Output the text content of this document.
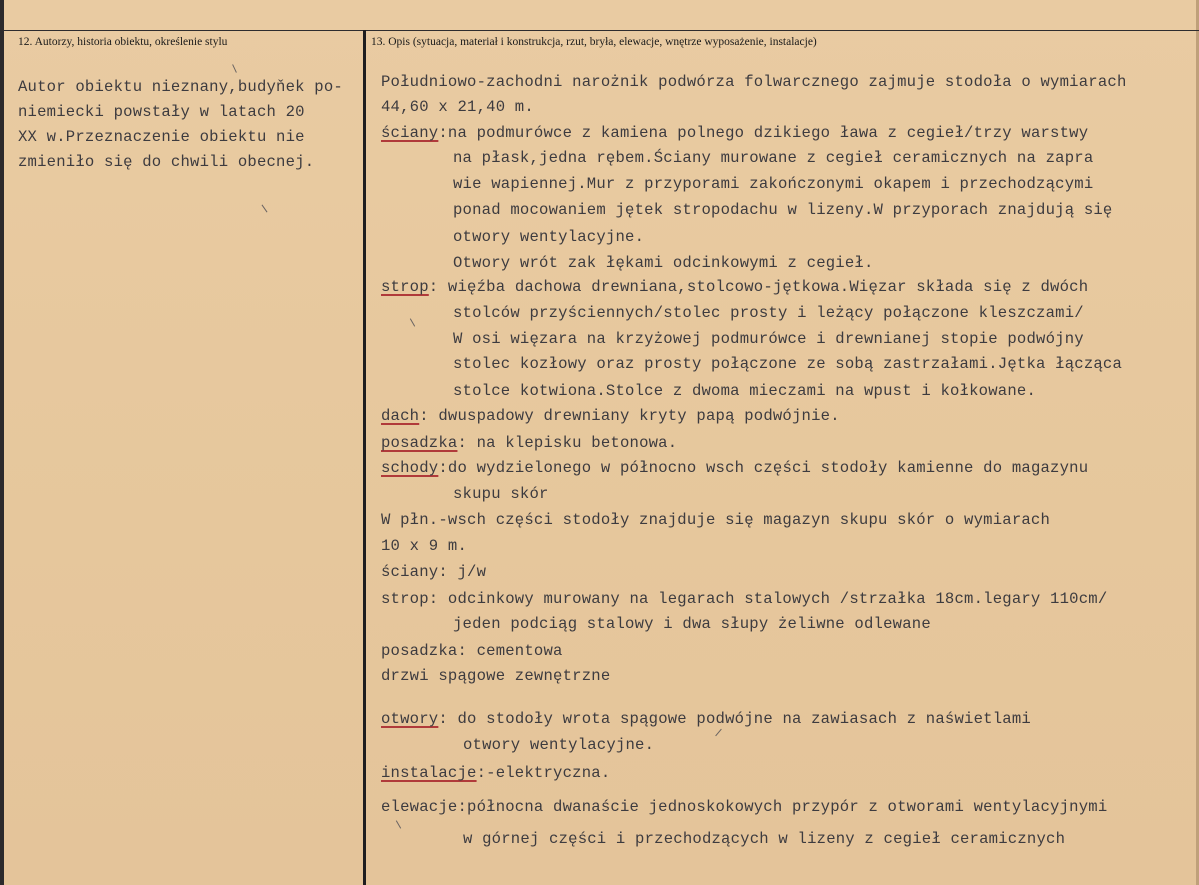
12. Autorzy, historia obiektu, określenie stylu	13. Opis (sytuacja, materiał i konstrukcja, rzut, bryła, elewacje, wnętrze wyposażenie, instalacje)
Autor obiektu nieznany,budyňek po-
niemiecki powstały w latach 20
XX w.Przeznaczenie obiektu nie
zmieniło się do chwili obecnej.
Południowo-zachodni narożnik podwórza folwarcznego zajmuje stodoła o wymiarach
44,60 x 21,40 m.
ściany:na podmurówce z kamiena polnego dzikiego ława z cegieł/trzy warstwy
na płask,jedna rębem.Ściany murowane z cegieł ceramicznych na zapra
wie wapiennej.Mur z przyporami zakończonymi okapem i przechodzącymi
ponad mocowaniem jętek stropodachu w lizeny.W przyporach znajdują się
otwory wentylacyjne.
Otwory wrót zak łękami odcinkowymi z cegieł.
strop: więźba dachowa drewniana,stolcowo-jętkowa.Więzar składa się z dwóch
stolców przyściennych/stolec prosty i leżący połączone kleszczami/
W osi więzara na krzyżowej podmurówce i drewnianej stopie podwójny
stolec kozłowy oraz prosty połączone ze sobą zastrzałami.Jętka łącząca
stolce kotwiona.Stolce z dwoma mieczami na wpust i kołkowane.
dach: dwuspadowy drewniany kryty papą podwójnie.
posadzka: na klepisku betonowa.
schody:do wydzielonego w północno wsch części stodoły kamienne do magazynu
skupu skór
W płn.-wsch części stodoły znajduje się magazyn skupu skór o wymiarach
10 x 9 m.
ściany: j/w
strop: odcinkowy murowany na legarach stalowych /strzałka 18cm.legary 110cm/
jeden podciąg stalowy i dwa słupy żeliwne odlewane
posadzka: cementowa
drzwi spągowe zewnętrzne
otwory: do stodoły wrota spągowe podwójne na zawiasach z naświetlami
otwory wentylacyjne.
instalacje:-elektryczna.
elewacje:północna dwanaście jednoskokowych przypór z otworami wentylacyjnymi
w górnej części i przechodzących w lizeny z cegieł ceramicznych
